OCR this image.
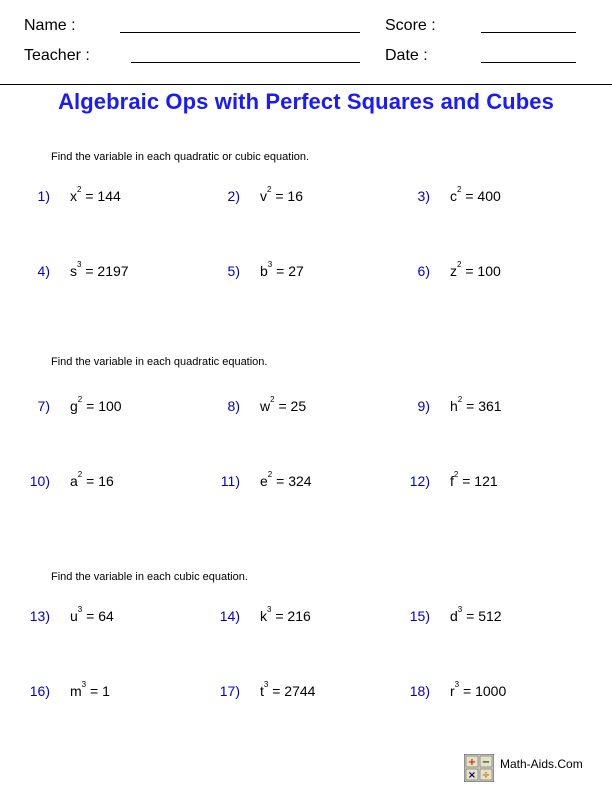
Name :	Score :
Teacher :	Date :
Algebraic Ops with Perfect Squares and Cubes
Find the variable in each quadratic or cubic equation.
1) $x^2 = 144$	2) $v^2 = 16$	3) $c^2 = 400$
4) $s^3 = 2197$	5) $b^3 = 27$	6) $z^2 = 100$
Find the variable in each quadratic equation.
7) $g^2 = 100$	8) $w^2 = 25$	9) $h^2 = 361$
10) $a^2 = 16$	11) $e^2 = 324$	12) $f^2 = 121$
Find the variable in each cubic equation.
13) $u^3 = 64$	14) $k^3 = 216$	15) $d^3 = 512$
16) $m^3 = 1$	17) $t^3 = 2744$	18) $r^3 = 1000$
+ −
× ÷
Math-Aids.Com
